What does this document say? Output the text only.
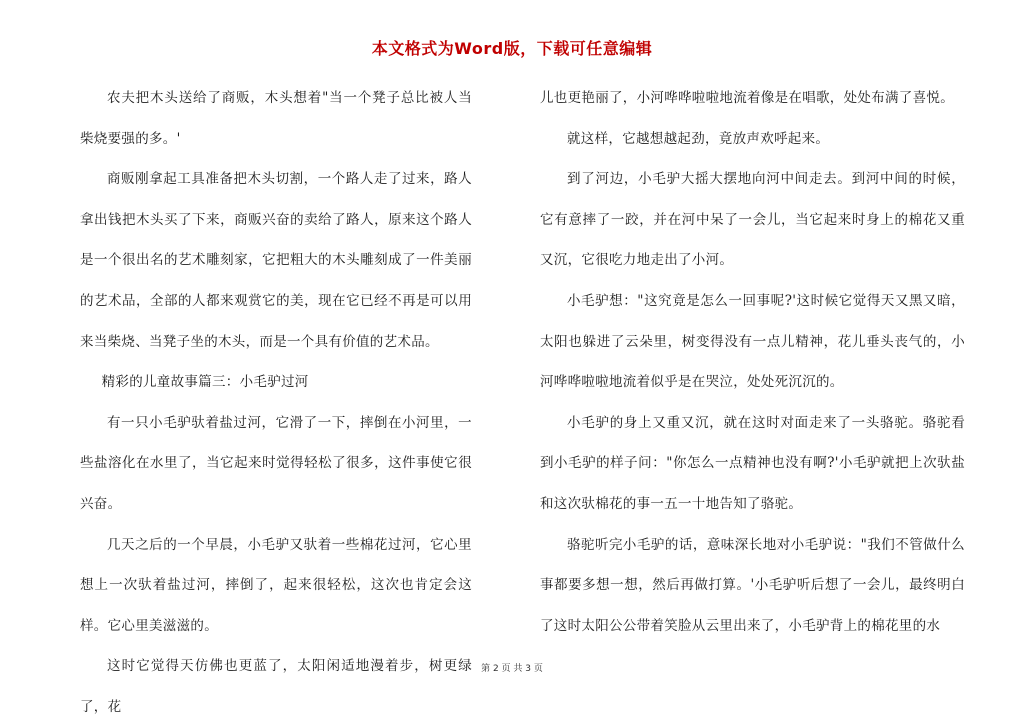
本文格式为Word版，下载可任意编辑

农夫把木头送给了商贩，木头想着"当一个凳子总比被人当柴烧要强的多。'

商贩刚拿起工具准备把木头切割，一个路人走了过来，路人拿出钱把木头买了下来，商贩兴奋的卖给了路人，原来这个路人是一个很出名的艺术雕刻家，它把粗大的木头雕刻成了一件美丽的艺术品，全部的人都来观赏它的美，现在它已经不再是可以用来当柴烧、当凳子坐的木头，而是一个具有价值的艺术品。

精彩的儿童故事篇三：小毛驴过河

有一只小毛驴驮着盐过河，它滑了一下，摔倒在小河里，一些盐溶化在水里了，当它起来时觉得轻松了很多，这件事使它很兴奋。

几天之后的一个早晨，小毛驴又驮着一些棉花过河，它心里想上一次驮着盐过河，摔倒了，起来很轻松，这次也肯定会这样。它心里美滋滋的。

这时它觉得天仿佛也更蓝了，太阳闲适地漫着步，树更绿了，花

儿也更艳丽了，小河哗哗啦啦地流着像是在唱歌，处处布满了喜悦。

就这样，它越想越起劲，竟放声欢呼起来。

到了河边，小毛驴大摇大摆地向河中间走去。到河中间的时候，它有意摔了一跤，并在河中呆了一会儿，当它起来时身上的棉花又重又沉，它很吃力地走出了小河。

小毛驴想："这究竟是怎么一回事呢?'这时候它觉得天又黑又暗，太阳也躲进了云朵里，树变得没有一点儿精神，花儿垂头丧气的，小河哗哗啦啦地流着似乎是在哭泣，处处死沉沉的。

小毛驴的身上又重又沉，就在这时对面走来了一头骆驼。骆驼看到小毛驴的样子问："你怎么一点精神也没有啊?'小毛驴就把上次驮盐和这次驮棉花的事一五一十地告知了骆驼。

骆驼听完小毛驴的话，意味深长地对小毛驴说："我们不管做什么事都要多想一想，然后再做打算。'小毛驴听后想了一会儿，最终明白了这时太阳公公带着笑脸从云里出来了，小毛驴背上的棉花里的水

第 2 页 共 3 页
